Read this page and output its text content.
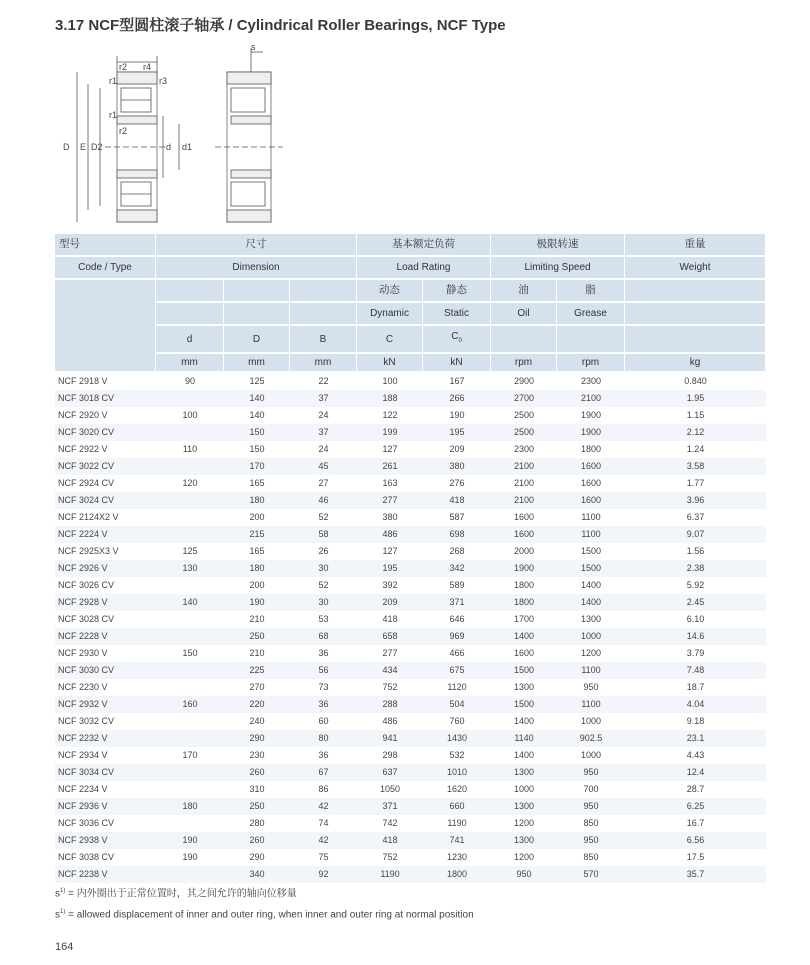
3.17 NCF型圆柱滚子轴承 / Cylindrical Roller Bearings, NCF Type
r1
r2 r4
r3
r1
r2
D E D2	d d1
s
型号	尺寸			基本额定负荷		极限转速		重量
Code / Type	Dimension			Load Rating		Limiting Speed		Weight
				动态	静态	油	脂	
				Dynamic	Static	Oil	Grease	
	d	D	B	C	$C_0$			
	mm	mm	mm	kN	kN	rpm	rpm	kg
NCF 2918 V	90	125	22	100	167	2900	2300	0.840
NCF 3018 CV		140	37	188	266	2700	2100	1.95
NCF 2920 V	100	140	24	122	190	2500	1900	1.15
NCF 3020 CV		150	37	199	195	2500	1900	2.12
NCF 2922 V	110	150	24	127	209	2300	1800	1.24
NCF 3022 CV		170	45	261	380	2100	1600	3.58
NCF 2924 CV	120	165	27	163	276	2100	1600	1.77
NCF 3024 CV		180	46	277	418	2100	1600	3.96
NCF 2124X2 V		200	52	380	587	1600	1100	6.37
NCF 2224 V		215	58	486	698	1600	1100	9.07
NCF 2925X3 V	125	165	26	127	268	2000	1500	1.56
NCF 2926 V	130	180	30	195	342	1900	1500	2.38
NCF 3026 CV		200	52	392	589	1800	1400	5.92
NCF 2928 V	140	190	30	209	371	1800	1400	2.45
NCF 3028 CV		210	53	418	646	1700	1300	6.10
NCF 2228 V		250	68	658	969	1400	1000	14.6
NCF 2930 V	150	210	36	277	466	1600	1200	3.79
NCF 3030 CV		225	56	434	675	1500	1100	7.48
NCF 2230 V		270	73	752	1120	1300	950	18.7
NCF 2932 V	160	220	36	288	504	1500	1100	4.04
NCF 3032 CV		240	60	486	760	1400	1000	9.18
NCF 2232 V		290	80	941	1430	1140	902.5	23.1
NCF 2934 V	170	230	36	298	532	1400	1000	4.43
NCF 3034 CV		260	67	637	1010	1300	950	12.4
NCF 2234 V		310	86	1050	1620	1000	700	28.7
NCF 2936 V	180	250	42	371	660	1300	950	6.25
NCF 3036 CV		280	74	742	1190	1200	850	16.7
NCF 2938 V	190	260	42	418	741	1300	950	6.56
NCF 3038 CV	190	290	75	752	1230	1200	850	17.5
NCF 2238 V		340	92	1190	1800	950	570	35.7
$s^{1)}$ = 内外圈出于正常位置时，其之间允许的轴向位移量
$s^{1)}$ = allowed displacement of inner and outer ring, when inner and outer ring at normal position
164
